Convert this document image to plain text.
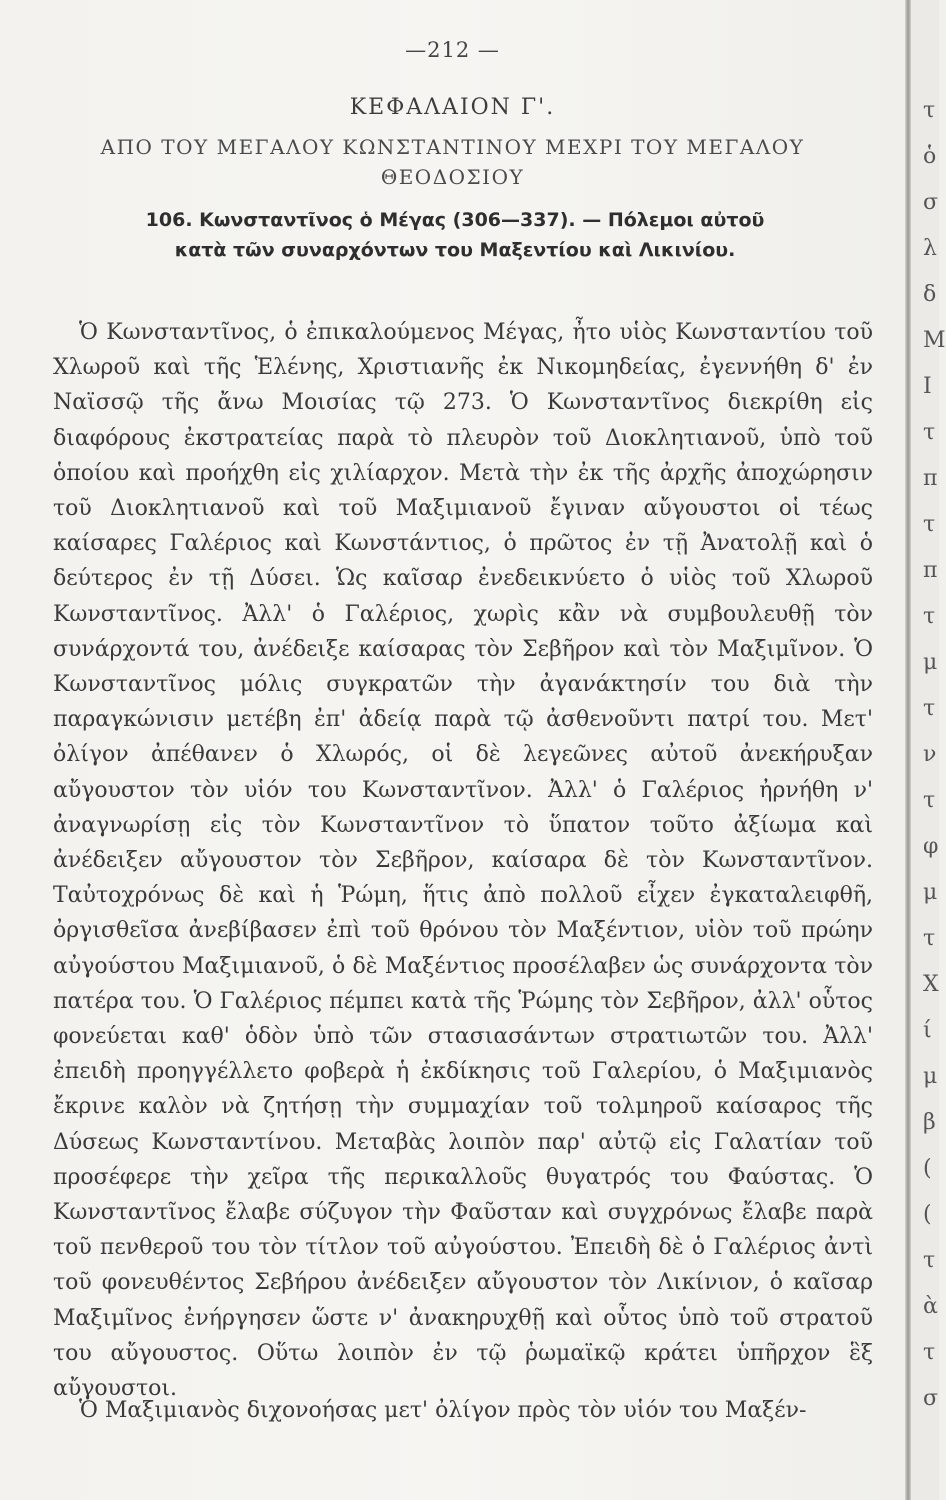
—212 —
ΚΕΦΑΛΑΙΟΝ Γ'.
ΑΠΟ ΤΟΥ ΜΕΓΑΛΟΥ ΚΩΝΣΤΑΝΤΙΝΟΥ ΜΕΧΡΙ ΤΟΥ ΜΕΓΑΛΟΥ
ΘΕΟΔΟΣΙΟΥ
106. Κωνσταντῖνος ὁ Μέγας (306—337). — Πόλεμοι αὐτοῦ
κατὰ τῶν συναρχόντων του Μαξεντίου καὶ Λικινίου.

Ὁ Κωνσταντῖνος, ὁ ἐπικαλούμενος Μέγας, ἦτο υἱὸς Κωνσταντίου τοῦ Χλωροῦ καὶ τῆς Ἑλένης, Χριστιανῆς ἐκ Νικομηδείας, ἐγεννήθη δ' ἐν Ναϊσσῷ τῆς ἄνω Μοισίας τῷ 273. Ὁ Κωνσταντῖνος διεκρίθη εἰς διαφόρους ἐκστρατείας παρὰ τὸ πλευρὸν τοῦ Διοκλητιανοῦ, ὑπὸ τοῦ ὁποίου καὶ προήχθη εἰς χιλίαρχον. Μετὰ τὴν ἐκ τῆς ἀρχῆς ἀποχώρησιν τοῦ Διοκλητιανοῦ καὶ τοῦ Μαξιμιανοῦ ἔγιναν αὔγουστοι οἱ τέως καίσαρες Γαλέριος καὶ Κωνστάντιος, ὁ πρῶτος ἐν τῇ Ἀνατολῇ καὶ ὁ δεύτερος ἐν τῇ Δύσει. Ὡς καῖσαρ ἐνεδεικνύετο ὁ υἱὸς τοῦ Χλωροῦ Κωνσταντῖνος. Ἀλλ' ὁ Γαλέριος, χωρὶς κἂν νὰ συμβουλευθῇ τὸν συνάρχοντά του, ἀνέδειξε καίσαρας τὸν Σεβῆρον καὶ τὸν Μαξιμῖνον. Ὁ Κωνσταντῖνος μόλις συγκρατῶν τὴν ἀγανάκτησίν του διὰ τὴν παραγκώνισιν μετέβη ἐπ' ἀδείᾳ παρὰ τῷ ἀσθενοῦντι πατρί του. Μετ' ὀλίγον ἀπέθανεν ὁ Χλωρός, οἱ δὲ λεγεῶνες αὐτοῦ ἀνεκήρυξαν αὔγουστον τὸν υἱόν του Κωνσταντῖνον. Ἀλλ' ὁ Γαλέριος ἠρνήθη ν' ἀναγνωρίσῃ εἰς τὸν Κωνσταντῖνον τὸ ὕπατον τοῦτο ἀξίωμα καὶ ἀνέδειξεν αὔγουστον τὸν Σεβῆρον, καίσαρα δὲ τὸν Κωνσταντῖνον. Ταὐτοχρόνως δὲ καὶ ἡ Ῥώμη, ἥτις ἀπὸ πολλοῦ εἶχεν ἐγκαταλειφθῆ, ὀργισθεῖσα ἀνεβίβασεν ἐπὶ τοῦ θρόνου τὸν Μαξέντιον, υἱὸν τοῦ πρώην αὐγούστου Μαξιμιανοῦ, ὁ δὲ Μαξέντιος προσέλαβεν ὡς συνάρχοντα τὸν πατέρα του. Ὁ Γαλέριος πέμπει κατὰ τῆς Ῥώμης τὸν Σεβῆρον, ἀλλ' οὗτος φονεύεται καθ' ὁδὸν ὑπὸ τῶν στασιασάντων στρατιωτῶν του. Ἀλλ' ἐπειδὴ προηγγέλλετο φοβερὰ ἡ ἐκδίκησις τοῦ Γαλερίου, ὁ Μαξιμιανὸς ἔκρινε καλὸν νὰ ζητήσῃ τὴν συμμαχίαν τοῦ τολμηροῦ καίσαρος τῆς Δύσεως Κωνσταντίνου. Μεταβὰς λοιπὸν παρ' αὐτῷ εἰς Γαλατίαν τοῦ προσέφερε τὴν χεῖρα τῆς περικαλλοῦς θυγατρός του Φαύστας. Ὁ Κωνσταντῖνος ἔλαβε σύζυγον τὴν Φαῦσταν καὶ συγχρόνως ἔλαβε παρὰ τοῦ πενθεροῦ του τὸν τίτλον τοῦ αὐγούστου. Ἐπειδὴ δὲ ὁ Γαλέριος ἀντὶ τοῦ φονευθέντος Σεβήρου ἀνέδειξεν αὔγουστον τὸν Λικίνιον, ὁ καῖσαρ Μαξιμῖνος ἐνήργησεν ὥστε ν' ἀνακηρυχθῇ καὶ οὗτος ὑπὸ τοῦ στρατοῦ του αὔγουστος. Οὕτω λοιπὸν ἐν τῷ ῥωμαϊκῷ κράτει ὑπῆρχον ἓξ αὔγουστοι.

Ὁ Μαξιμιανὸς διχονοήσας μετ' ὀλίγον πρὸς τὸν υἱόν του Μαξέν-

τ
ὁ
σ
λ
δ
Μ
Ι
τ
π
τ
π
τ
μ
τ
ν
τ
φ
μ
τ
Χ
ί
μ
β
(
(
τ
ὰ
τ
σ
